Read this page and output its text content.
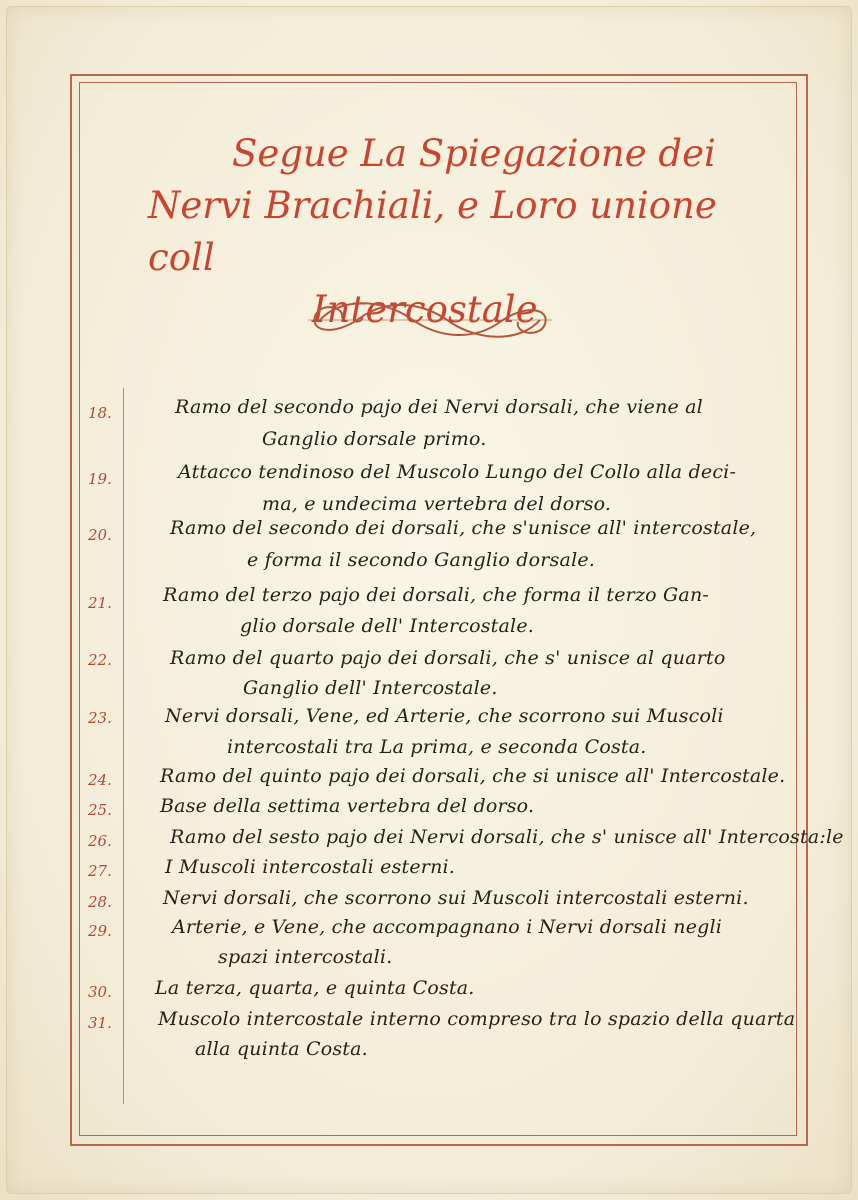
Segue La Spiegazione dei
Nervi Brachiali, e Loro unione coll
Intercostale
18.	Ramo del secondo pajo dei Nervi dorsali, che viene al
Ganglio dorsale primo.
19.	Attacco tendinoso del Muscolo Lungo del Collo alla deci-
ma, e undecima vertebra del dorso.
20.	Ramo del secondo dei dorsali, che s'unisce all' intercostale,
e forma il secondo Ganglio dorsale.
21.	Ramo del terzo pajo dei dorsali, che forma il terzo Gan-
glio dorsale dell' Intercostale.
22.	Ramo del quarto pajo dei dorsali, che s' unisce al quarto
Ganglio dell' Intercostale.
23.	Nervi dorsali, Vene, ed Arterie, che scorrono sui Muscoli
intercostali tra La prima, e seconda Costa.
24.	Ramo del quinto pajo dei dorsali, che si unisce all' Intercostale.
25.	Base della settima vertebra del dorso.
26.	Ramo del sesto pajo dei Nervi dorsali, che s' unisce all' Intercosta:le
27.	I Muscoli intercostali esterni.
28.	Nervi dorsali, che scorrono sui Muscoli intercostali esterni.
29.	Arterie, e Vene, che accompagnano i Nervi dorsali negli
spazi intercostali.
30.	La terza, quarta, e quinta Costa.
31.	Muscolo intercostale interno compreso tra lo spazio della quarta
alla quinta Costa.
